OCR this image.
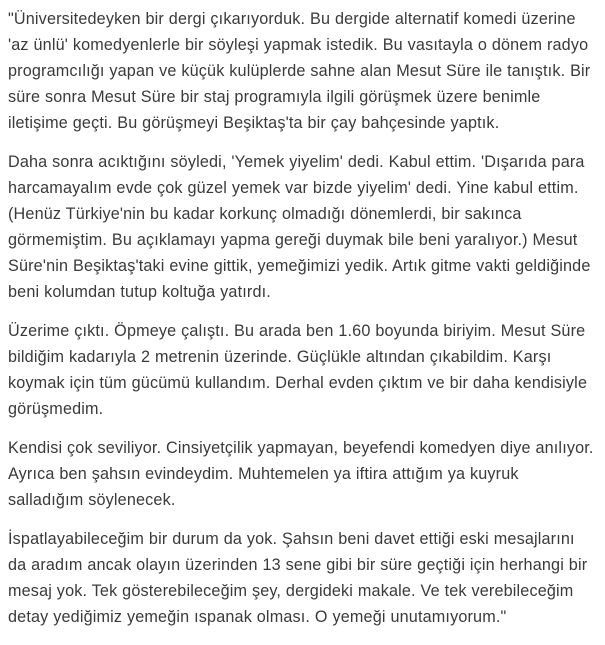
"Üniversitedeyken bir dergi çıkarıyorduk. Bu dergide alternatif komedi üzerine 'az ünlü' komedyenlerle bir söyleşi yapmak istedik. Bu vasıtayla o dönem radyo programcılığı yapan ve küçük kulüplerde sahne alan Mesut Süre ile tanıştık. Bir süre sonra Mesut Süre bir staj programıyla ilgili görüşmek üzere benimle iletişime geçti. Bu görüşmeyi Beşiktaş'ta bir çay bahçesinde yaptık.

Daha sonra acıktığını söyledi, 'Yemek yiyelim' dedi. Kabul ettim. 'Dışarıda para harcamayalım evde çok güzel yemek var bizde yiyelim' dedi. Yine kabul ettim. (Henüz Türkiye'nin bu kadar korkunç olmadığı dönemlerdi, bir sakınca görmemiştim. Bu açıklamayı yapma gereği duymak bile beni yaralıyor.) Mesut Süre'nin Beşiktaş'taki evine gittik, yemeğimizi yedik. Artık gitme vakti geldiğinde beni kolumdan tutup koltuğa yatırdı.

Üzerime çıktı. Öpmeye çalıştı. Bu arada ben 1.60 boyunda biriyim. Mesut Süre bildiğim kadarıyla 2 metrenin üzerinde. Güçlükle altından çıkabildim. Karşı koymak için tüm gücümü kullandım. Derhal evden çıktım ve bir daha kendisiyle görüşmedim.

Kendisi çok seviliyor. Cinsiyetçilik yapmayan, beyefendi komedyen diye anılıyor. Ayrıca ben şahsın evindeydim. Muhtemelen ya iftira attığım ya kuyruk salladığım söylenecek.

İspatlayabileceğim bir durum da yok. Şahsın beni davet ettiği eski mesajlarını da aradım ancak olayın üzerinden 13 sene gibi bir süre geçtiği için herhangi bir mesaj yok. Tek gösterebileceğim şey, dergideki makale. Ve tek verebileceğim detay yediğimiz yemeğin ıspanak olması. O yemeği unutamıyorum."
